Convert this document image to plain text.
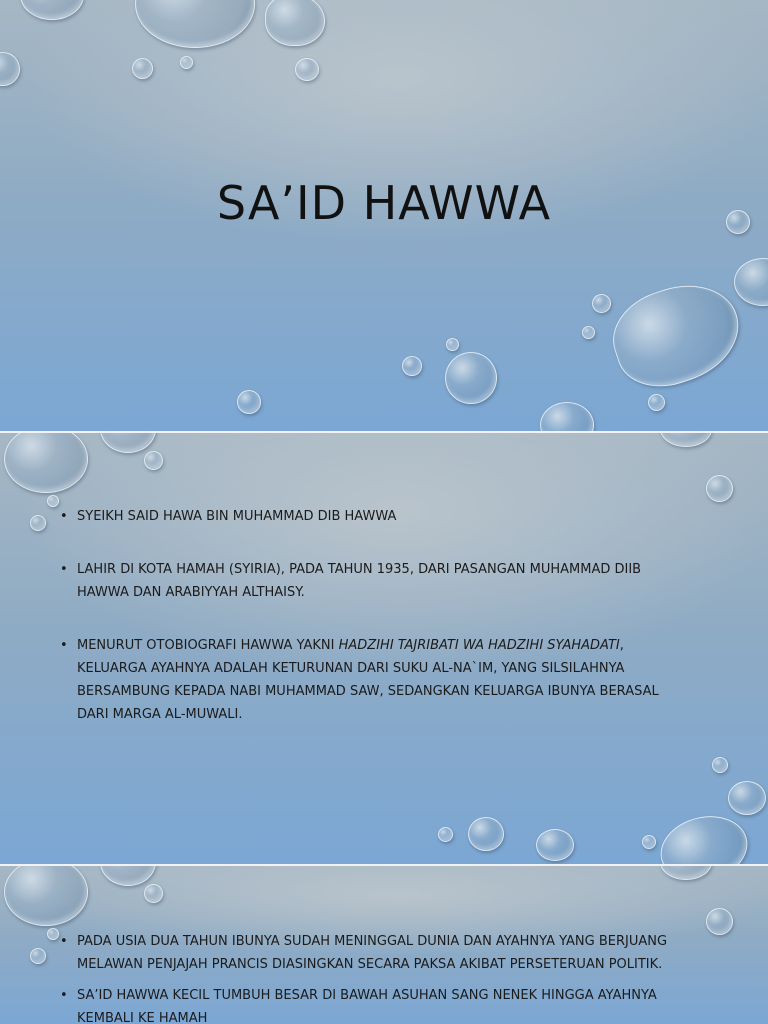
SA’ID HAWWA
• SYEIKH SAID HAWA BIN MUHAMMAD DIB HAWWA
• LAHIR DI KOTA HAMAH (SYIRIA), PADA TAHUN 1935, DARI PASANGAN MUHAMMAD DIIB HAWWA DAN ARABIYYAH ALTHAISY.
• MENURUT OTOBIOGRAFI HAWWA YAKNI HADZIHI TAJRIBATI WA HADZIHI SYAHADATI, KELUARGA AYAHNYA ADALAH KETURUNAN DARI SUKU AL-NA`IM, YANG SILSILAHNYA BERSAMBUNG KEPADA NABI MUHAMMAD SAW, SEDANGKAN KELUARGA IBUNYA BERASAL DARI MARGA AL-MUWALI.
• PADA USIA DUA TAHUN IBUNYA SUDAH MENINGGAL DUNIA DAN AYAHNYA YANG BERJUANG MELAWAN PENJAJAH PRANCIS DIASINGKAN SECARA PAKSA AKIBAT PERSETERUAN POLITIK.
• SA’ID HAWWA KECIL TUMBUH BESAR DI BAWAH ASUHAN SANG NENEK HINGGA AYAHNYA KEMBALI KE HAMAH
